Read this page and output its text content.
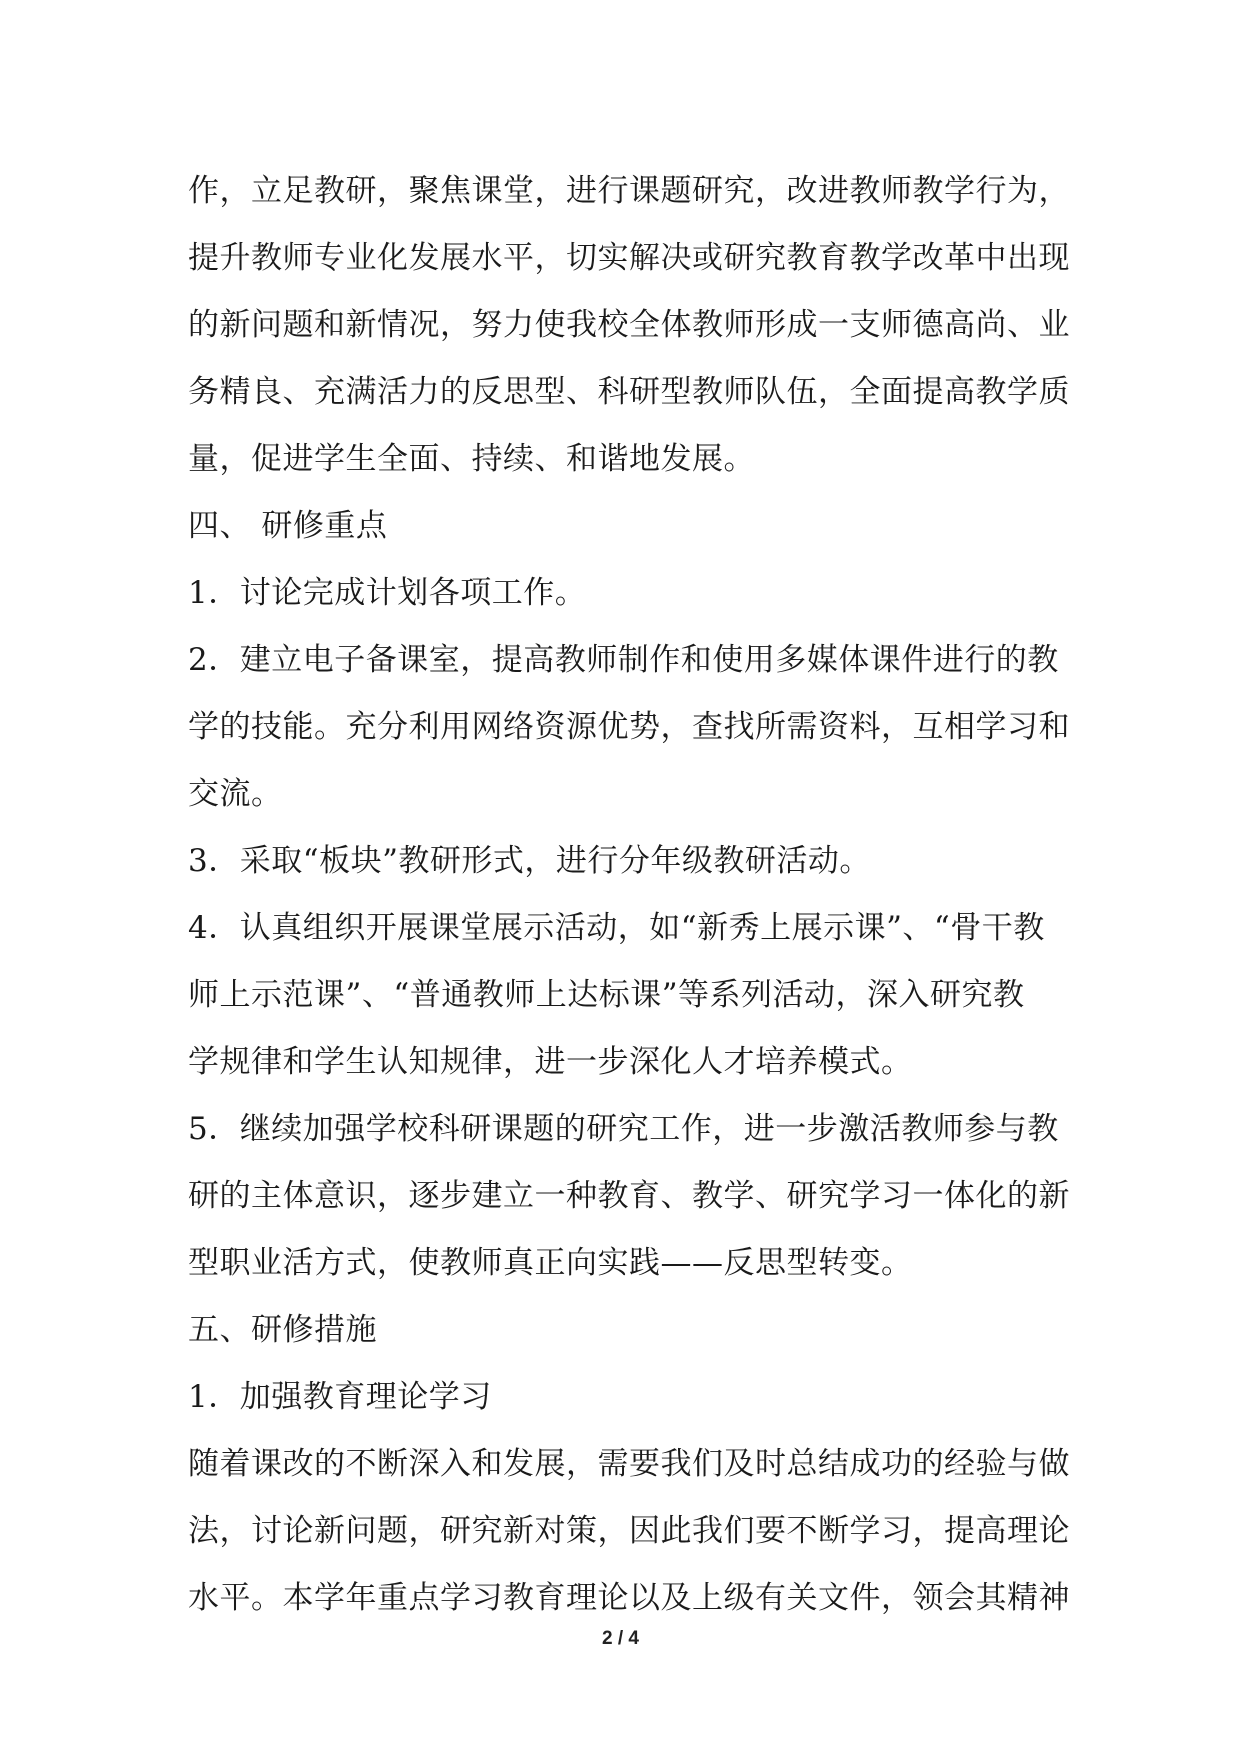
作，立足教研，聚焦课堂，进行课题研究，改进教师教学行为，
提升教师专业化发展水平，切实解决或研究教育教学改革中出现
的新问题和新情况，努力使我校全体教师形成一支师德高尚、业
务精良、充满活力的反思型、科研型教师队伍，全面提高教学质
量，促进学生全面、持续、和谐地发展。
四、 研修重点
1．讨论完成计划各项工作。
2．建立电子备课室，提高教师制作和使用多媒体课件进行的教
学的技能。充分利用网络资源优势，查找所需资料，互相学习和
交流。
3．采取“板块”教研形式，进行分年级教研活动。
4．认真组织开展课堂展示活动，如“新秀上展示课”、“骨干教
师上示范课”、“普通教师上达标课”等系列活动，深入研究教
学规律和学生认知规律，进一步深化人才培养模式。
5．继续加强学校科研课题的研究工作，进一步激活教师参与教
研的主体意识，逐步建立一种教育、教学、研究学习一体化的新
型职业活方式，使教师真正向实践——反思型转变。
五、研修措施
1．加强教育理论学习
随着课改的不断深入和发展，需要我们及时总结成功的经验与做
法，讨论新问题，研究新对策，因此我们要不断学习，提高理论
水平。本学年重点学习教育理论以及上级有关文件，领会其精神
2 / 4
